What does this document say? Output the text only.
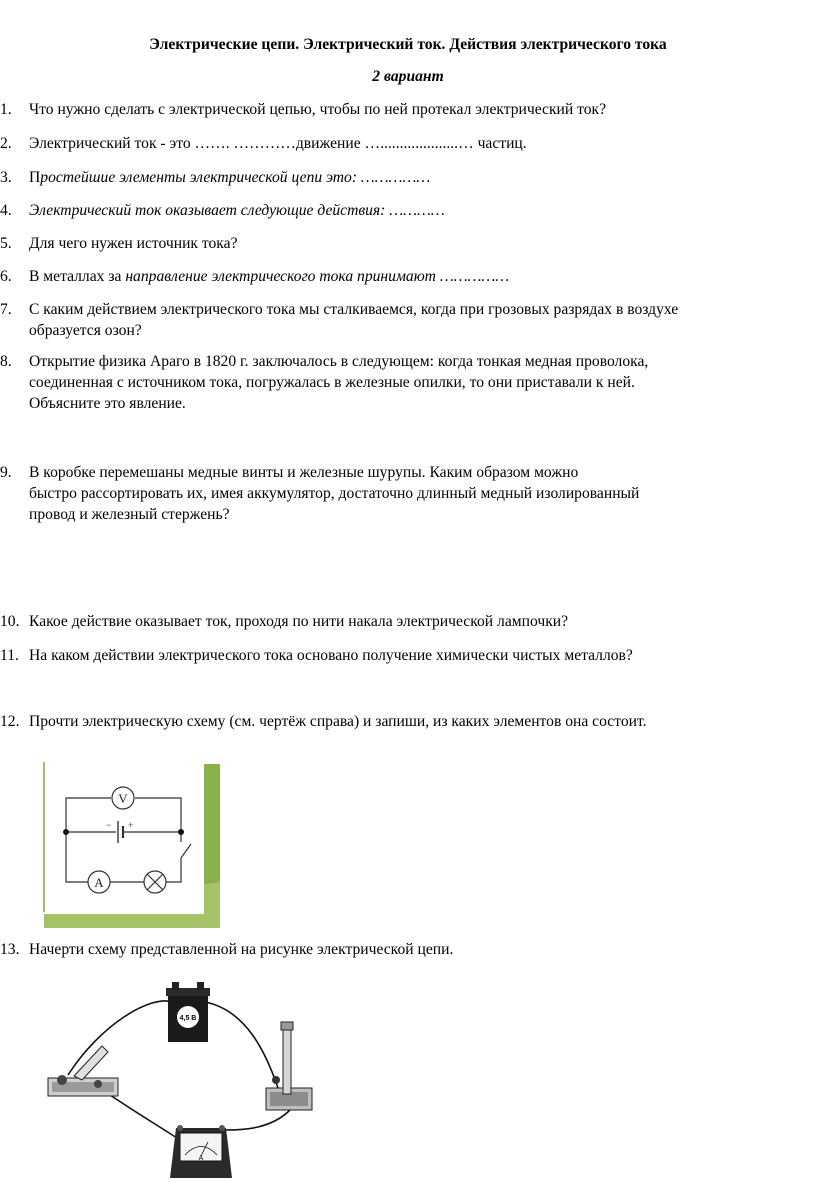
Электрические цепи. Электрический ток. Действия электрического тока
2 вариант
1. Что нужно сделать с электрической цепью, чтобы по ней протекал электрический ток?
2. Электрический ток - это ……. …………движение …....................… частиц.
3. Простейшие элементы электрической цепи это: ……………
4. Электрический ток оказывает следующие действия: …………
5. Для чего нужен источник тока?
6. В металлах за направление электрического тока принимают ……………
7. С каким действием электрического тока мы сталкиваемся, когда при грозовых разрядах в воздухе
образуется озон?
8. Открытие физика Араго в 1820 г. заключалось в следующем: когда тонкая медная проволока,
соединенная с источником тока, погружалась в железные опилки, то они приставали к ней.
Объясните это явление.
9. В коробке перемешаны медные винты и железные шурупы. Каким образом можно
быстро рассортировать их, имея аккумулятор, достаточно длинный медный изолированный
провод и железный стержень?
10. Какое действие оказывает ток, проходя по нити накала электрической лампочки?
11. На каком действии электрического тока основано получение химически чистых металлов?
12. Прочти электрическую схему (см. чертёж справа) и запиши, из каких элементов она состоит.
13. Начерти схему представленной на рисунке электрической цепи.
V
A
− +
4,5 В
А
